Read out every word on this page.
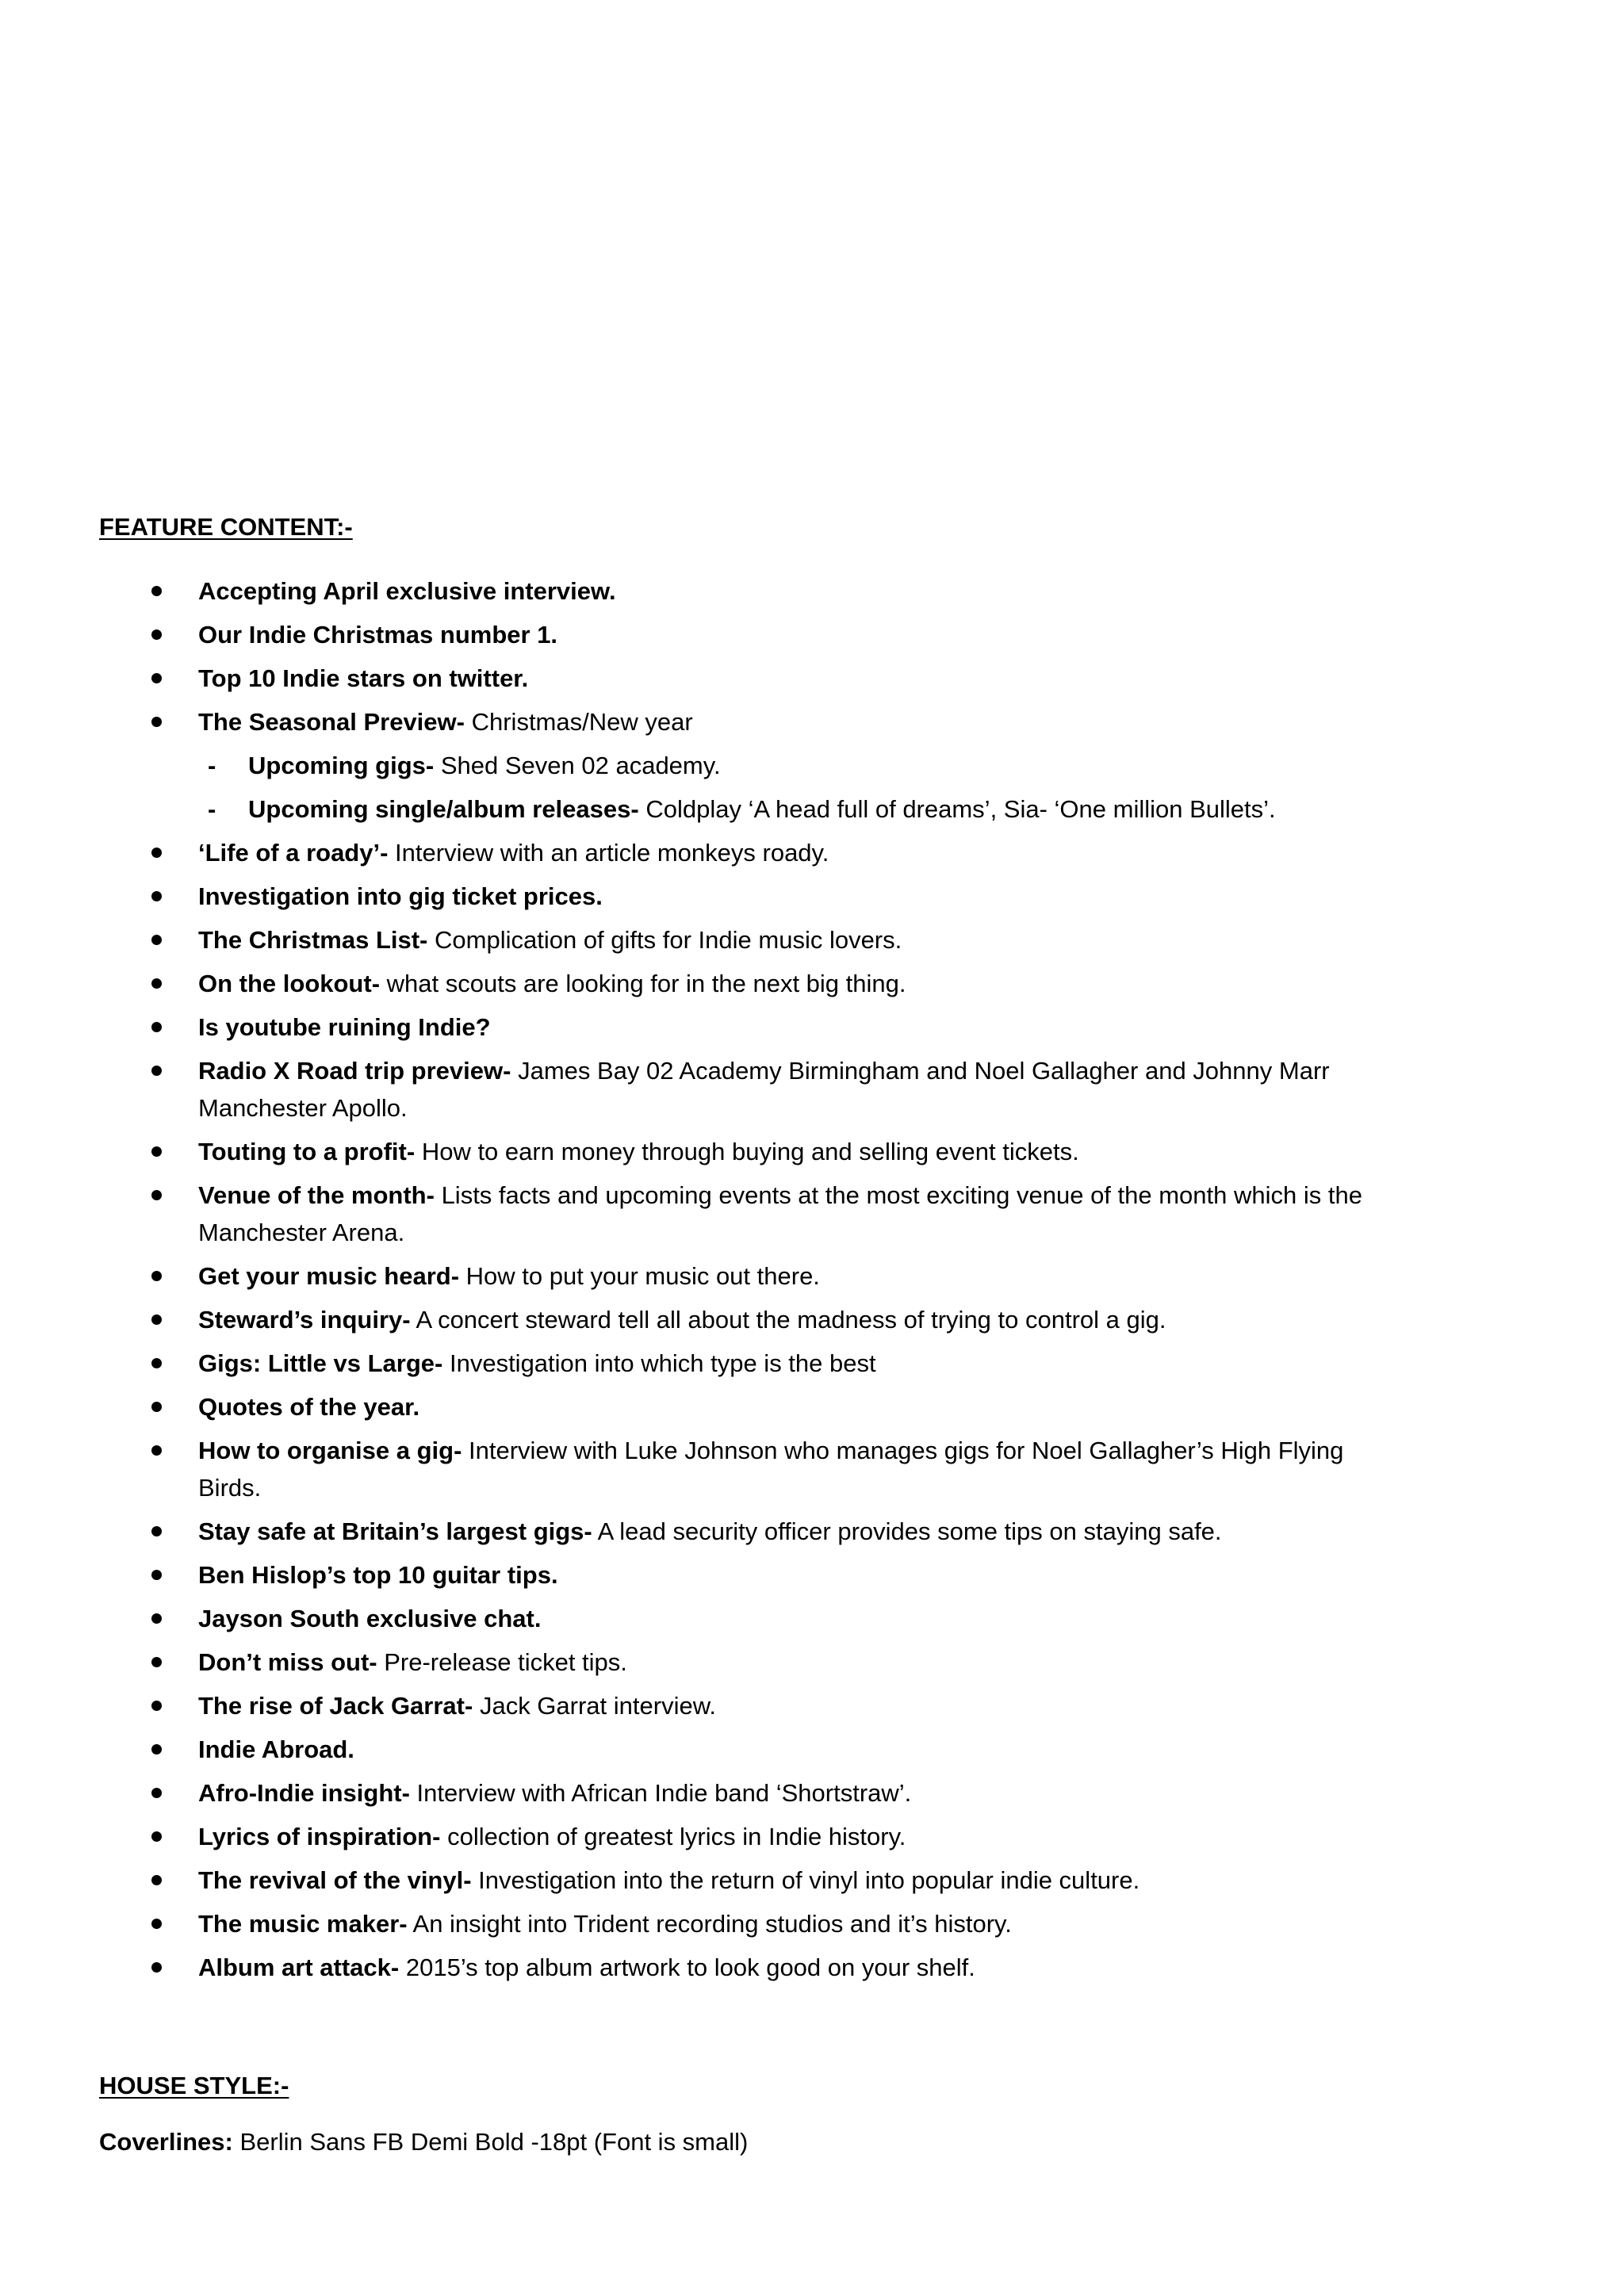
FEATURE CONTENT:-
Accepting April exclusive interview.
Our Indie Christmas number 1.
Top 10 Indie stars on twitter.
The Seasonal Preview- Christmas/New year
- Upcoming gigs- Shed Seven 02 academy.
- Upcoming single/album releases- Coldplay ‘A head full of dreams’, Sia- ‘One million Bullets’.
‘Life of a roady’- Interview with an article monkeys roady.
Investigation into gig ticket prices.
The Christmas List- Complication of gifts for Indie music lovers.
On the lookout- what scouts are looking for in the next big thing.
Is youtube ruining Indie?
Radio X Road trip preview- James Bay 02 Academy Birmingham and Noel Gallagher and Johnny Marr
Manchester Apollo.
Touting to a profit- How to earn money through buying and selling event tickets.
Venue of the month- Lists facts and upcoming events at the most exciting venue of the month which is the
Manchester Arena.
Get your music heard- How to put your music out there.
Steward’s inquiry- A concert steward tell all about the madness of trying to control a gig.
Gigs: Little vs Large- Investigation into which type is the best
Quotes of the year.
How to organise a gig- Interview with Luke Johnson who manages gigs for Noel Gallagher’s High Flying
Birds.
Stay safe at Britain’s largest gigs- A lead security officer provides some tips on staying safe.
Ben Hislop’s top 10 guitar tips.
Jayson South exclusive chat.
Don’t miss out- Pre-release ticket tips.
The rise of Jack Garrat- Jack Garrat interview.
Indie Abroad.
Afro-Indie insight- Interview with African Indie band ‘Shortstraw’.
Lyrics of inspiration- collection of greatest lyrics in Indie history.
The revival of the vinyl- Investigation into the return of vinyl into popular indie culture.
The music maker- An insight into Trident recording studios and it’s history.
Album art attack- 2015’s top album artwork to look good on your shelf.
HOUSE STYLE:-

Coverlines: Berlin Sans FB Demi Bold -18pt (Font is small)
